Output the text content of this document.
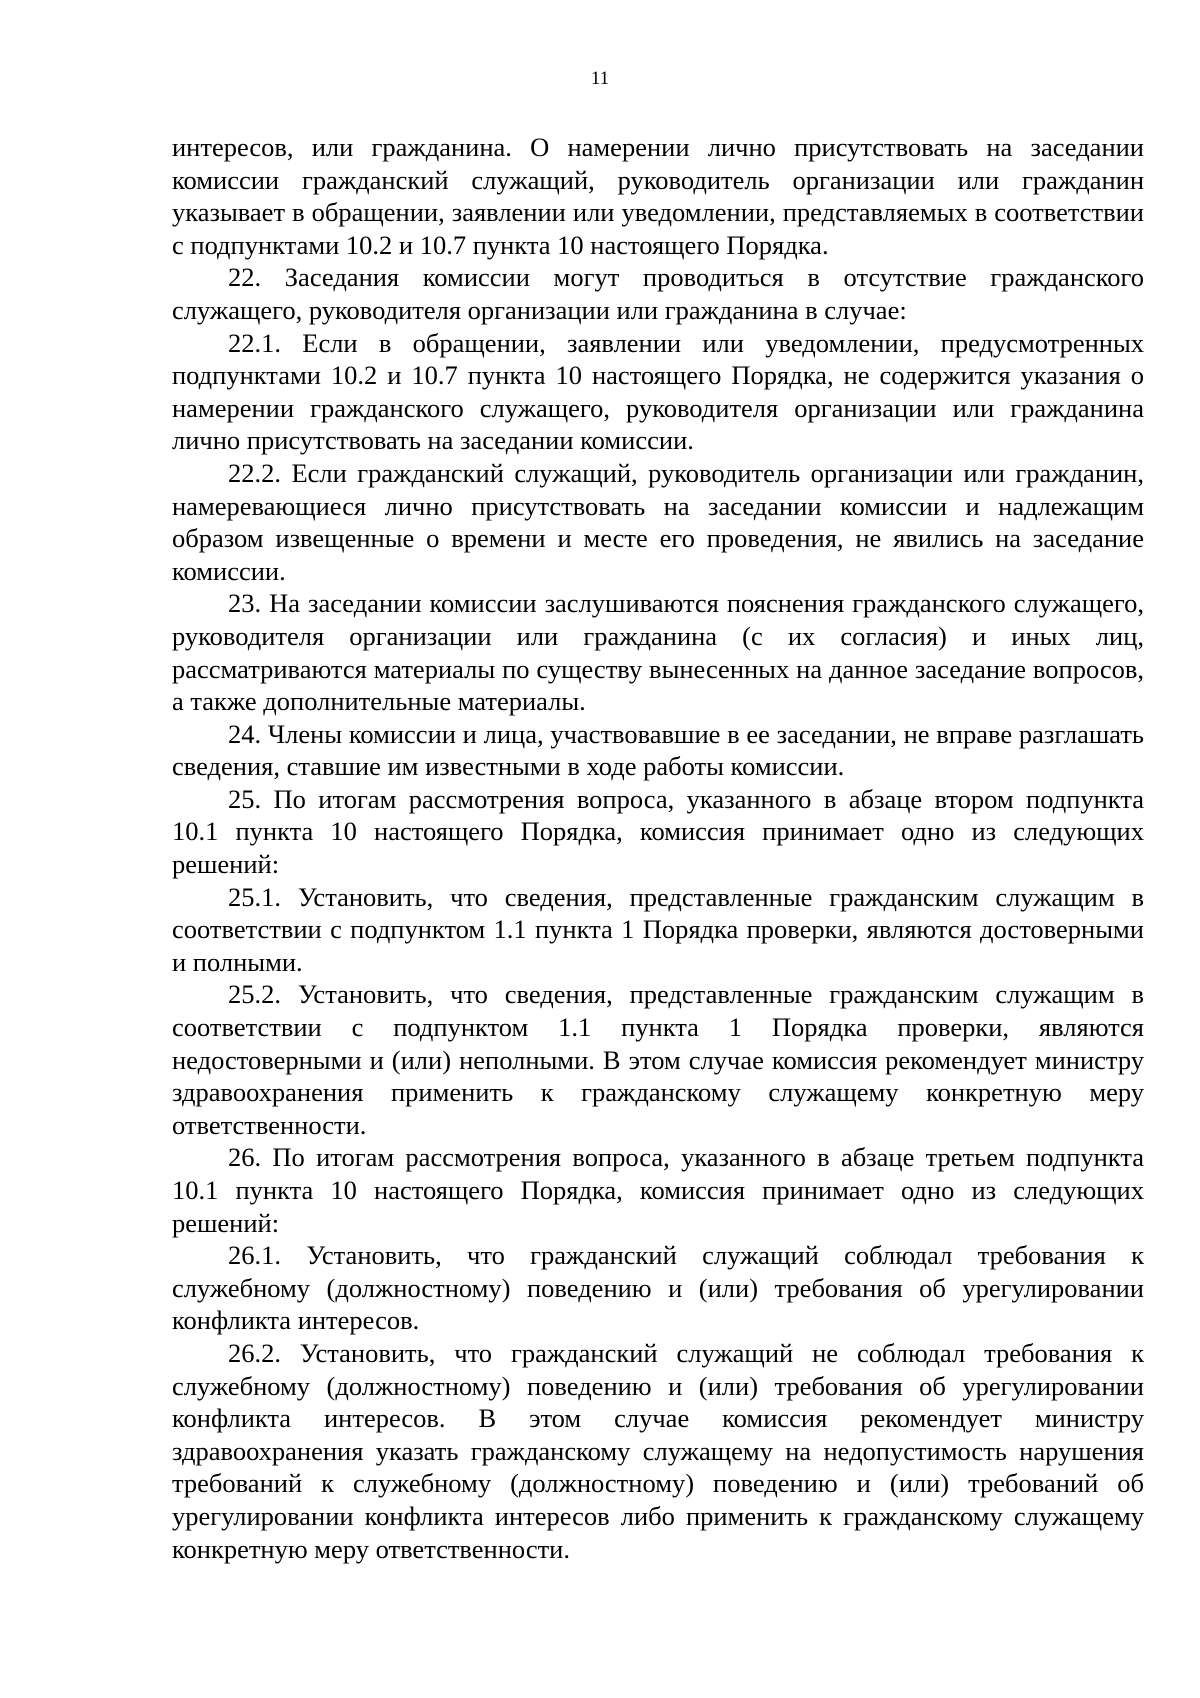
11

интересов, или гражданина. О намерении лично присутствовать на заседании комиссии гражданский служащий, руководитель организации или гражданин указывает в обращении, заявлении или уведомлении, представляемых в соответствии с подпунктами 10.2 и 10.7 пункта 10 настоящего Порядка.

22. Заседания комиссии могут проводиться в отсутствие гражданского служащего, руководителя организации или гражданина в случае:

22.1. Если в обращении, заявлении или уведомлении, предусмотренных подпунктами 10.2 и 10.7 пункта 10 настоящего Порядка, не содержится указания о намерении гражданского служащего, руководителя организации или гражданина лично присутствовать на заседании комиссии.

22.2. Если гражданский служащий, руководитель организации или гражданин, намеревающиеся лично присутствовать на заседании комиссии и надлежащим образом извещенные о времени и месте его проведения, не явились на заседание комиссии.

23. На заседании комиссии заслушиваются пояснения гражданского служащего, руководителя организации или гражданина (с их согласия) и иных лиц, рассматриваются материалы по существу вынесенных на данное заседание вопросов, а также дополнительные материалы.

24. Члены комиссии и лица, участвовавшие в ее заседании, не вправе разглашать сведения, ставшие им известными в ходе работы комиссии.

25. По итогам рассмотрения вопроса, указанного в абзаце втором подпункта 10.1 пункта 10 настоящего Порядка, комиссия принимает одно из следующих решений:

25.1. Установить, что сведения, представленные гражданским служащим в соответствии с подпунктом 1.1 пункта 1 Порядка проверки, являются достоверными и полными.

25.2. Установить, что сведения, представленные гражданским служащим в соответствии с подпунктом 1.1 пункта 1 Порядка проверки, являются недостоверными и (или) неполными. В этом случае комиссия рекомендует министру здравоохранения применить к гражданскому служащему конкретную меру ответственности.

26. По итогам рассмотрения вопроса, указанного в абзаце третьем подпункта 10.1 пункта 10 настоящего Порядка, комиссия принимает одно из следующих решений:

26.1. Установить, что гражданский служащий соблюдал требования к служебному (должностному) поведению и (или) требования об урегулировании конфликта интересов.

26.2. Установить, что гражданский служащий не соблюдал требования к служебному (должностному) поведению и (или) требования об урегулировании конфликта интересов. В этом случае комиссия рекомендует министру здравоохранения указать гражданскому служащему на недопустимость нарушения требований к служебному (должностному) поведению и (или) требований об урегулировании конфликта интересов либо применить к гражданскому служащему конкретную меру ответственности.
